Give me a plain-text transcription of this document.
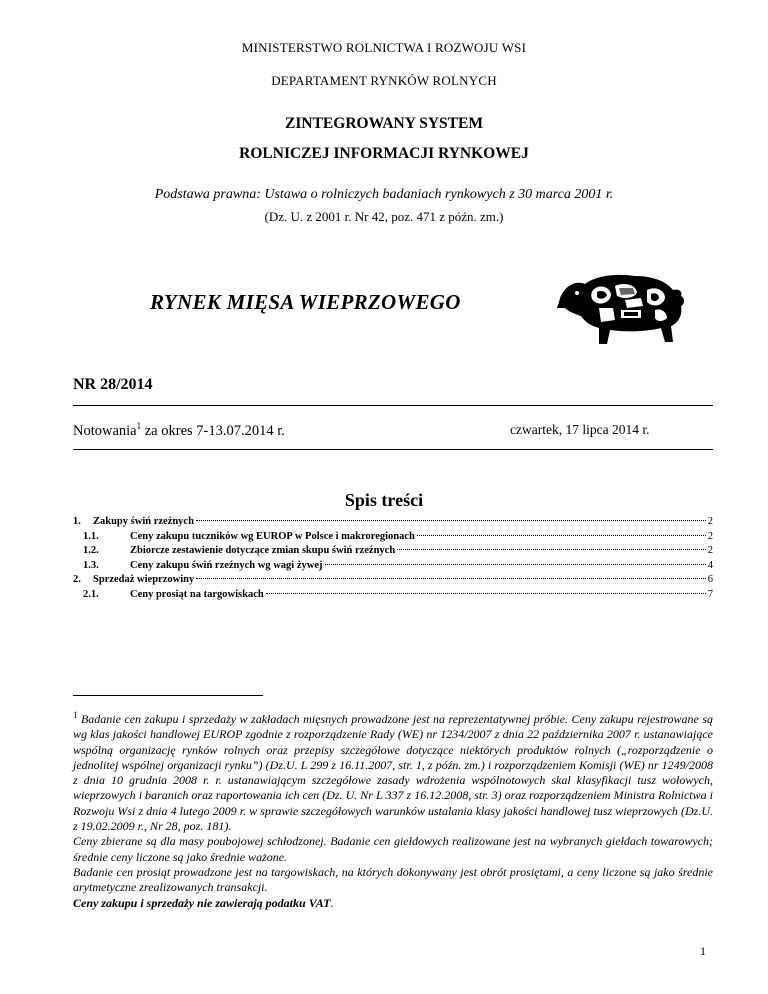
MINISTERSTWO ROLNICTWA I ROZWOJU WSI
DEPARTAMENT RYNKÓW ROLNYCH
ZINTEGROWANY SYSTEM
ROLNICZEJ INFORMACJI RYNKOWEJ
Podstawa prawna: Ustawa o rolniczych badaniach rynkowych z 30 marca 2001 r.
(Dz. U. z 2001 r. Nr 42, poz. 471 z późn. zm.)
RYNEK MIĘSA WIEPRZOWEGO
NR 28/2014
Notowania$^1$ za okres 7-13.07.2014 r.	czwartek, 17 lipca 2014 r.
Spis treści
1.	Zakupy świń rzeźnych	2
1.1.	Ceny zakupu tuczników wg EUROP w Polsce i makroregionach	2
1.2.	Zbiorcze zestawienie dotyczące zmian skupu świń rzeźnych	2
1.3.	Ceny zakupu świń rzeźnych wg wagi żywej	4
2.	Sprzedaż wieprzowiny	6
2.1.	Ceny prosiąt na targowiskach	7

$^1$ Badanie cen zakupu i sprzedaży w zakładach mięsnych prowadzone jest na reprezentatywnej próbie. Ceny zakupu rejestrowane są wg klas jakości handlowej EUROP zgodnie z rozporządzenie Rady (WE) nr 1234/2007 z dnia 22 października 2007 r. ustanawiające wspólną organizację rynków rolnych oraz przepisy szczegółowe dotyczące niektórych produktów rolnych („rozporządzenie o jednolitej wspólnej organizacji rynku”) (Dz.U. L 299 z 16.11.2007, str. 1, z późn. zm.) i rozporządzeniem Komisji (WE) nr 1249/2008 z dnia 10 grudnia 2008 r. r. ustanawiającym szczegółowe zasady wdrożenia wspólnotowych skal klasyfikacji tusz wołowych, wieprzowych i baranich oraz raportowania ich cen (Dz. U. Nr L 337 z 16.12.2008, str. 3) oraz rozporządzeniem Ministra Rolnictwa i Rozwoju Wsi z dnia 4 lutego 2009 r. w sprawie szczegółowych warunków ustalania klasy jakości handlowej tusz wieprzowych (Dz.U. z 19.02.2009 r., Nr 28, poz. 181).

Ceny zbierane są dla masy poubojowej schłodzonej. Badanie cen giełdowych realizowane jest na wybranych giełdach towarowych; średnie ceny liczone są jako średnie ważone.

Badanie cen prosiąt prowadzone jest na targowiskach, na których dokonywany jest obrót prosiętami, a ceny liczone są jako średnie arytmetyczne zrealizowanych transakcji.

Ceny zakupu i sprzedaży nie zawierają podatku VAT.

1
